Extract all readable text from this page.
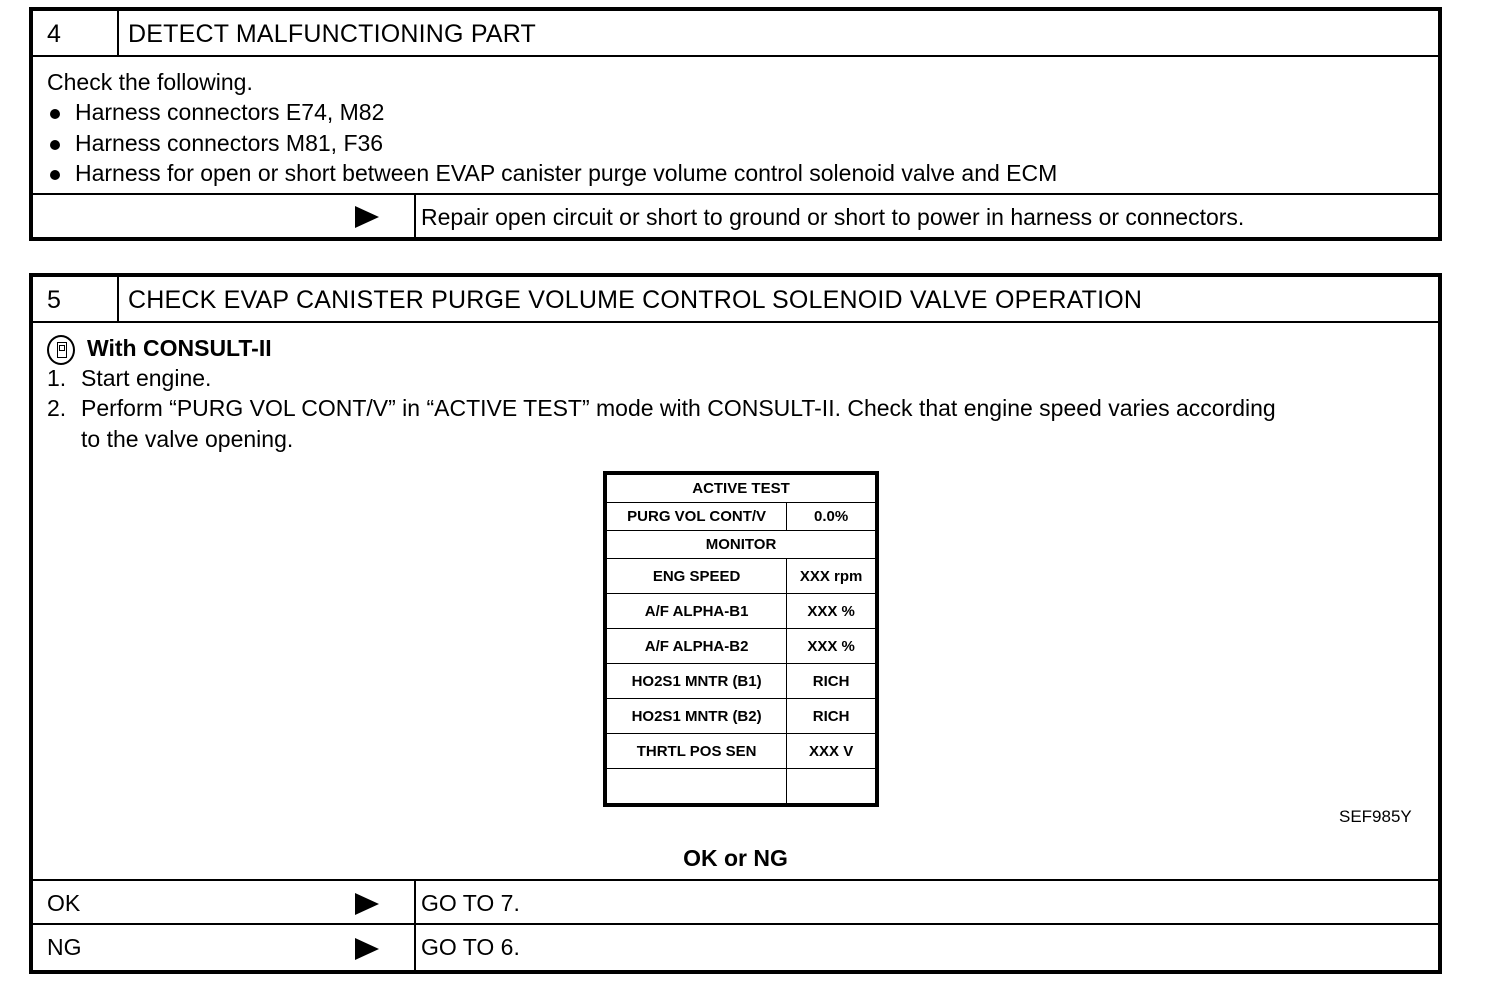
4	DETECT MALFUNCTIONING PART
Check the following.
Harness connectors E74, M82
Harness connectors M81, F36
Harness for open or short between EVAP canister purge volume control solenoid valve and ECM
Repair open circuit or short to ground or short to power in harness or connectors.
5	CHECK EVAP CANISTER PURGE VOLUME CONTROL SOLENOID VALVE OPERATION
With CONSULT-II
1. Start engine.
2. Perform “PURG VOL CONT/V” in “ACTIVE TEST” mode with CONSULT-II. Check that engine speed varies according
to the valve opening.
ACTIVE TEST	
PURG VOL CONT/V	0.0%
MONITOR	
ENG SPEED	XXX rpm
A/F ALPHA-B1	XXX %
A/F ALPHA-B2	XXX %
HO2S1 MNTR (B1)	RICH
HO2S1 MNTR (B2)	RICH
THRTL POS SEN	XXX V

SEF985Y
OK or NG
OK	GO TO 7.
NG	GO TO 6.
